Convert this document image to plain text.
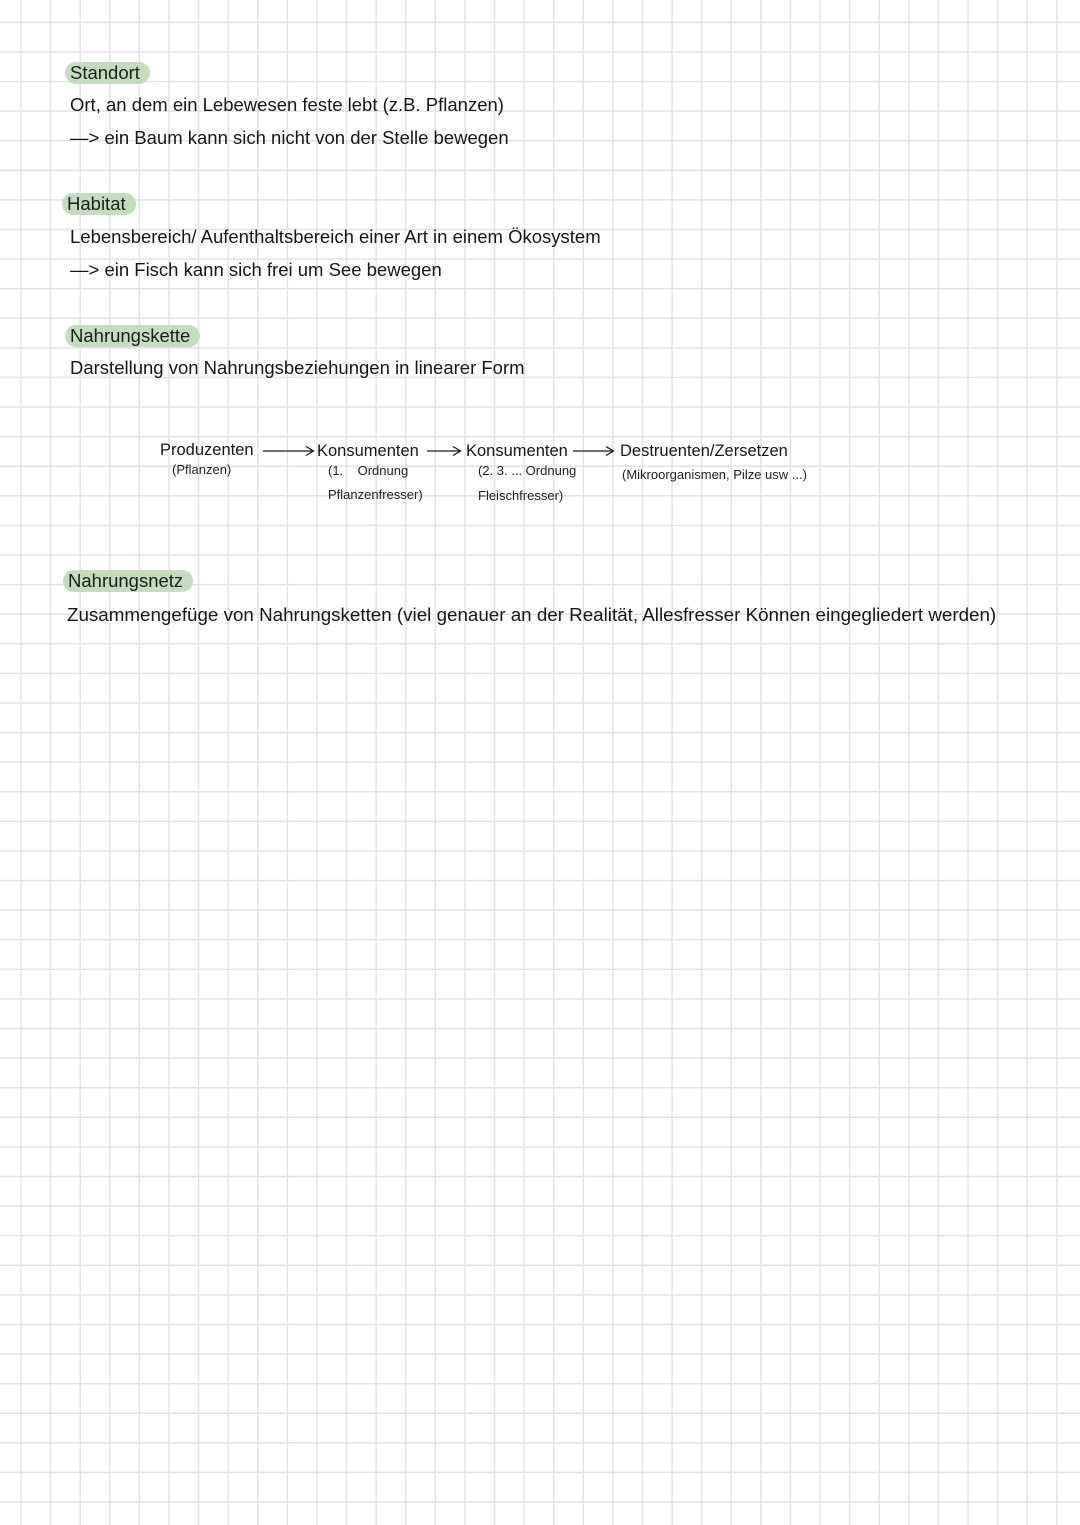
Standort
Ort, an dem ein Lebewesen feste lebt (z.B. Pflanzen)
—> ein Baum kann sich nicht von der Stelle bewegen
Habitat
Lebensbereich/ Aufenthaltsbereich einer Art in einem Ökosystem
—> ein Fisch kann sich frei um See bewegen
Nahrungskette
Darstellung von Nahrungsbeziehungen in linearer Form
Produzenten
(Pflanzen)
Konsumenten
(1.    Ordnung
Pflanzenfresser)
Konsumenten
(2. 3. ... Ordnung
Fleischfresser)
Destruenten/Zersetzen
(Mikroorganismen, Pilze usw ...)
Nahrungsnetz
Zusammengefüge von Nahrungsketten (viel genauer an der Realität, Allesfresser Können eingegliedert werden)
